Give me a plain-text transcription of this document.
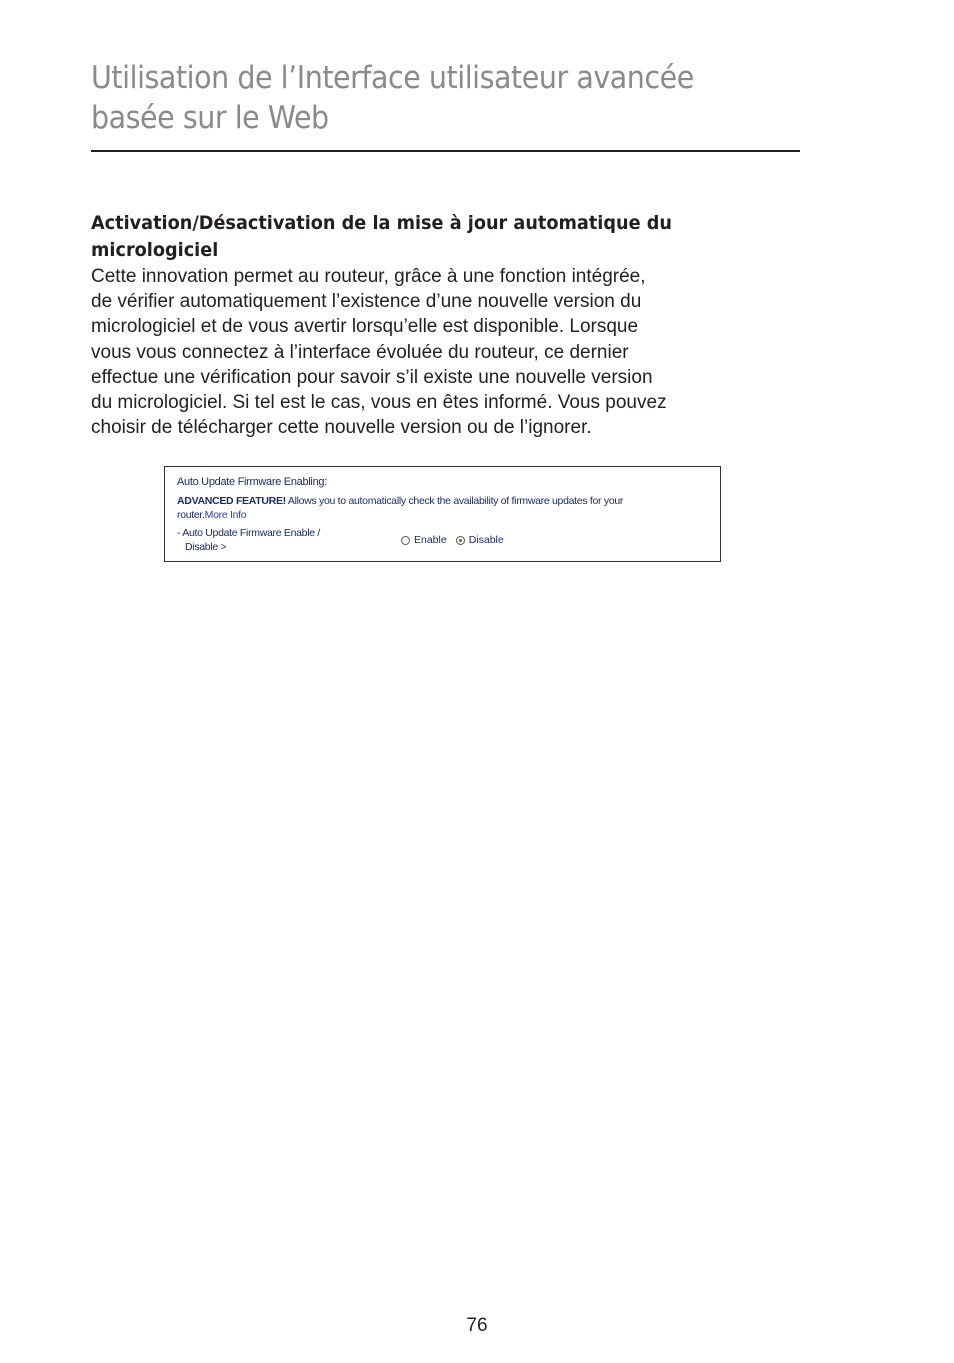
Utilisation de l’Interface utilisateur avancée
basée sur le Web
Activation/Désactivation de la mise à jour automatique du
micrologiciel

Cette innovation permet au routeur, grâce à une fonction intégrée,
de vérifier automatiquement l’existence d’une nouvelle version du
micrologiciel et de vous avertir lorsqu’elle est disponible. Lorsque
vous vous connectez à l’interface évoluée du routeur, ce dernier
effectue une vérification pour savoir s’il existe une nouvelle version
du micrologiciel. Si tel est le cas, vous en êtes informé. Vous pouvez
choisir de télécharger cette nouvelle version ou de l’ignorer.

Auto Update Firmware Enabling:
ADVANCED FEATURE! Allows you to automatically check the availability of firmware updates for your
router.More Info
- Auto Update Firmware Enable /
Disable >
Enable Disable
76
